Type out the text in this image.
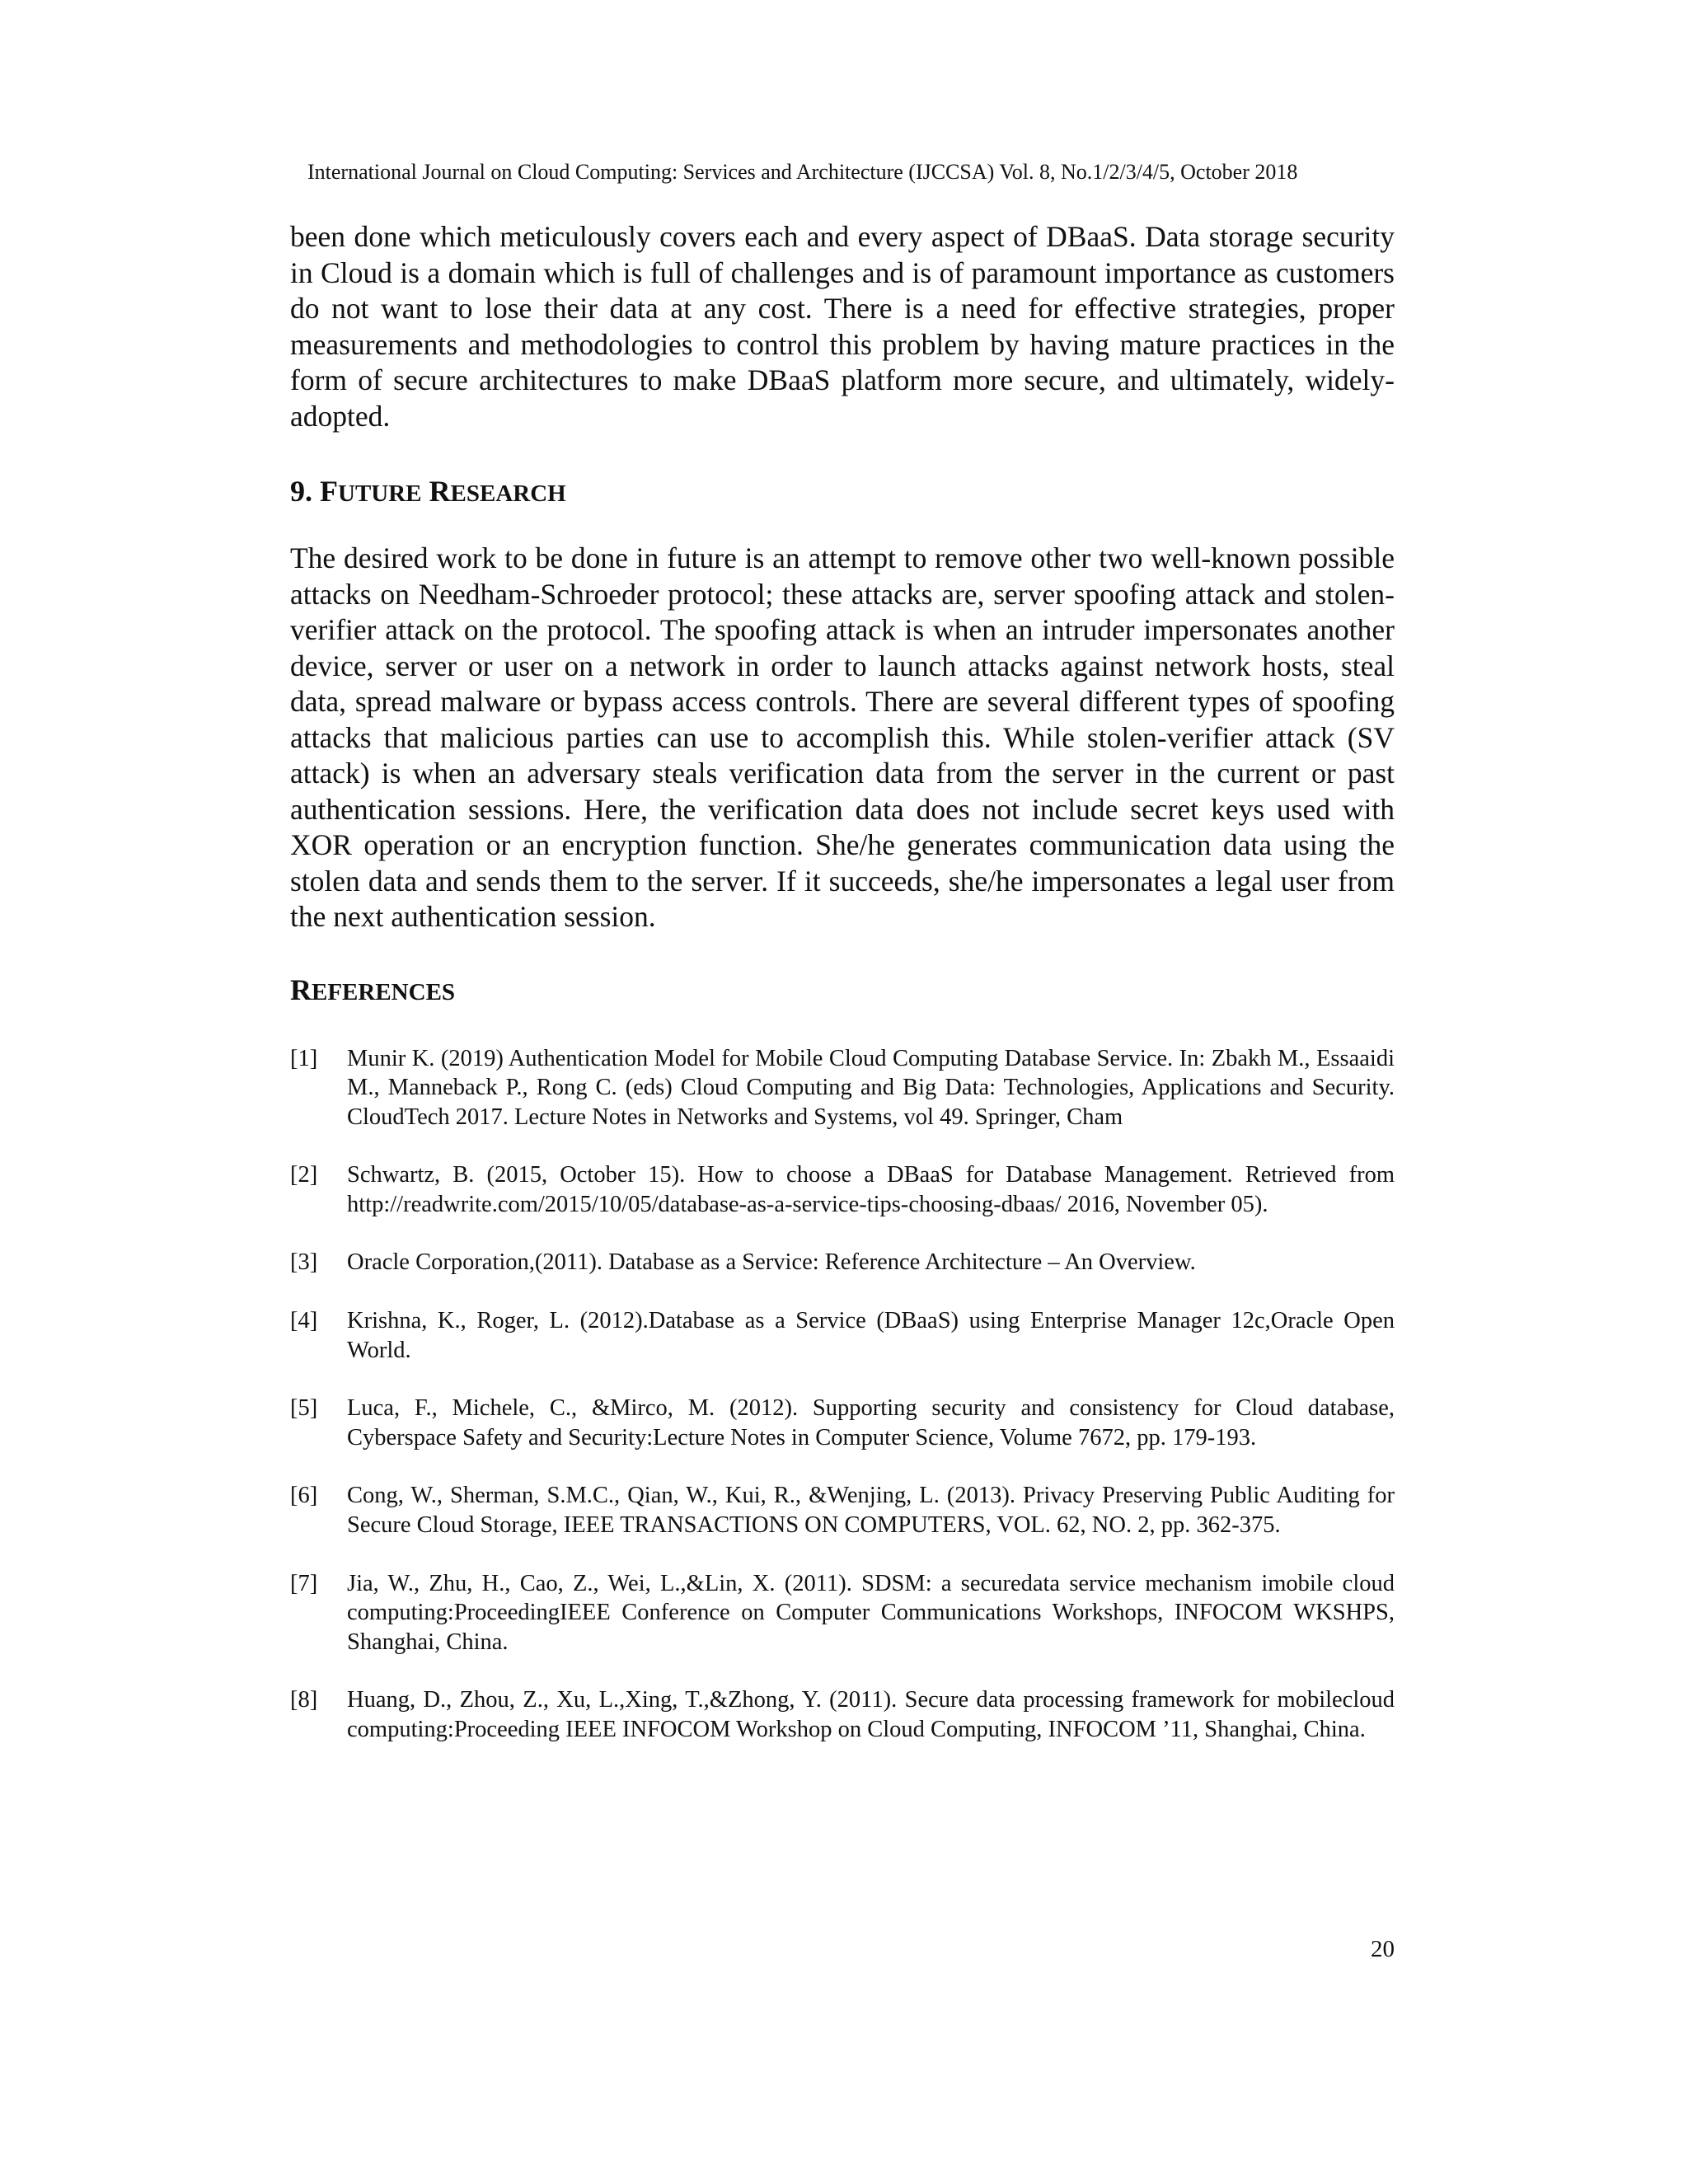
International Journal on Cloud Computing: Services and Architecture (IJCCSA) Vol. 8, No.1/2/3/4/5, October 2018

been done which meticulously covers each and every aspect of DBaaS. Data storage security in Cloud is a domain which is full of challenges and is of paramount importance as customers do not want to lose their data at any cost. There is a need for effective strategies, proper measurements and methodologies to control this problem by having mature practices in the form of secure architectures to make DBaaS platform more secure, and ultimately, widely-adopted.

9. FUTURE RESEARCH

The desired work to be done in future is an attempt to remove other two well-known possible attacks on Needham-Schroeder protocol; these attacks are, server spoofing attack and stolen-verifier attack on the protocol. The spoofing attack is when an intruder impersonates another device, server or user on a network in order to launch attacks against network hosts, steal data, spread malware or bypass access controls. There are several different types of spoofing attacks that malicious parties can use to accomplish this. While stolen-verifier attack (SV attack) is when an adversary steals verification data from the server in the current or past authentication sessions. Here, the verification data does not include secret keys used with XOR operation or an encryption function. She/he generates communication data using the stolen data and sends them to the server. If it succeeds, she/he impersonates a legal user from the next authentication session.

REFERENCES
[1]	Munir K. (2019) Authentication Model for Mobile Cloud Computing Database Service. In: Zbakh M., Essaaidi M., Manneback P., Rong C. (eds) Cloud Computing and Big Data: Technologies, Applications and Security. CloudTech 2017. Lecture Notes in Networks and Systems, vol 49. Springer, Cham
[2]	Schwartz, B. (2015, October 15). How to choose a DBaaS for Database Management. Retrieved from http://readwrite.com/2015/10/05/database-as-a-service-tips-choosing-dbaas/ 2016, November 05).
[3]	Oracle Corporation,(2011). Database as a Service: Reference Architecture – An Overview.
[4]	Krishna, K., Roger, L. (2012).Database as a Service (DBaaS) using Enterprise Manager 12c,Oracle Open World.
[5]	Luca, F., Michele, C., &Mirco, M. (2012). Supporting security and consistency for Cloud database, Cyberspace Safety and Security:Lecture Notes in Computer Science, Volume 7672, pp. 179-193.
[6]	Cong, W., Sherman, S.M.C., Qian, W., Kui, R., &Wenjing, L. (2013). Privacy Preserving Public Auditing for Secure Cloud Storage, IEEE TRANSACTIONS ON COMPUTERS, VOL. 62, NO. 2, pp. 362-375.
[7]	Jia, W., Zhu, H., Cao, Z., Wei, L.,&Lin, X. (2011). SDSM: a securedata service mechanism imobile cloud computing:ProceedingIEEE Conference on Computer Communications Workshops, INFOCOM WKSHPS, Shanghai, China.
[8]	Huang, D., Zhou, Z., Xu, L.,Xing, T.,&Zhong, Y. (2011). Secure data processing framework for mobilecloud computing:Proceeding IEEE INFOCOM Workshop on Cloud Computing, INFOCOM ’11, Shanghai, China.
20
